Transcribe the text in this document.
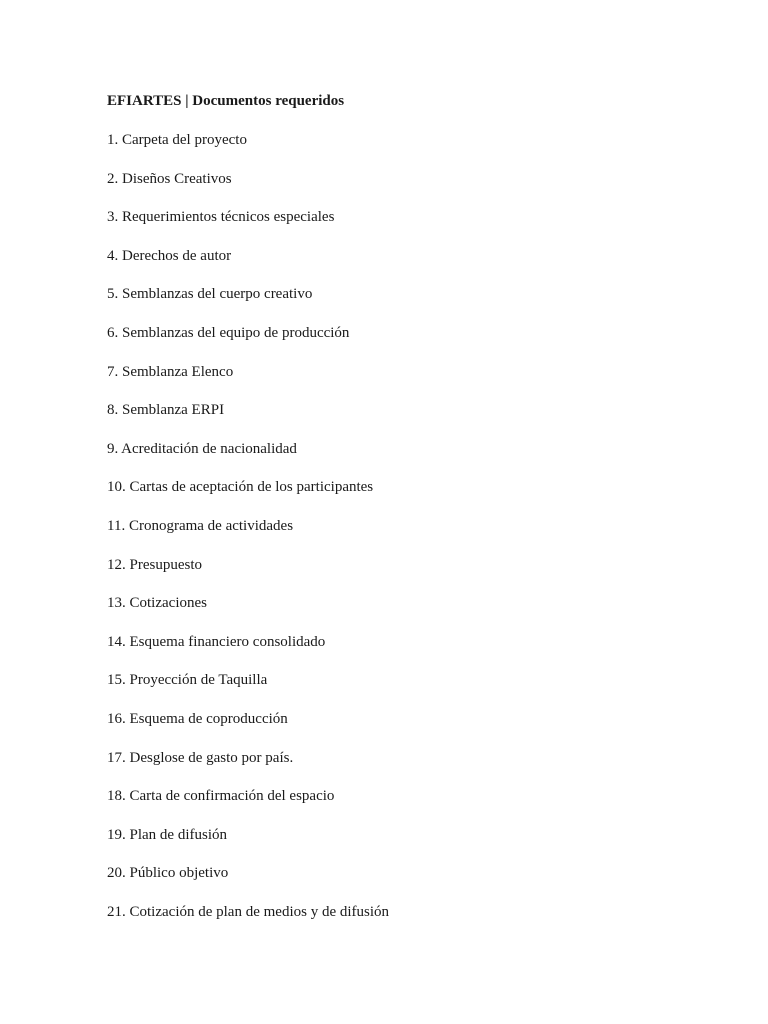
EFIARTES | Documentos requeridos
1. Carpeta del proyecto
2. Diseños Creativos
3. Requerimientos técnicos especiales
4. Derechos de autor
5. Semblanzas del cuerpo creativo
6. Semblanzas del equipo de producción
7. Semblanza Elenco
8. Semblanza ERPI
9. Acreditación de nacionalidad
10. Cartas de aceptación de los participantes
11. Cronograma de actividades
12. Presupuesto
13. Cotizaciones
14. Esquema financiero consolidado
15. Proyección de Taquilla
16. Esquema de coproducción
17. Desglose de gasto por país.
18. Carta de confirmación del espacio
19. Plan de difusión
20. Público objetivo
21. Cotización de plan de medios y de difusión
